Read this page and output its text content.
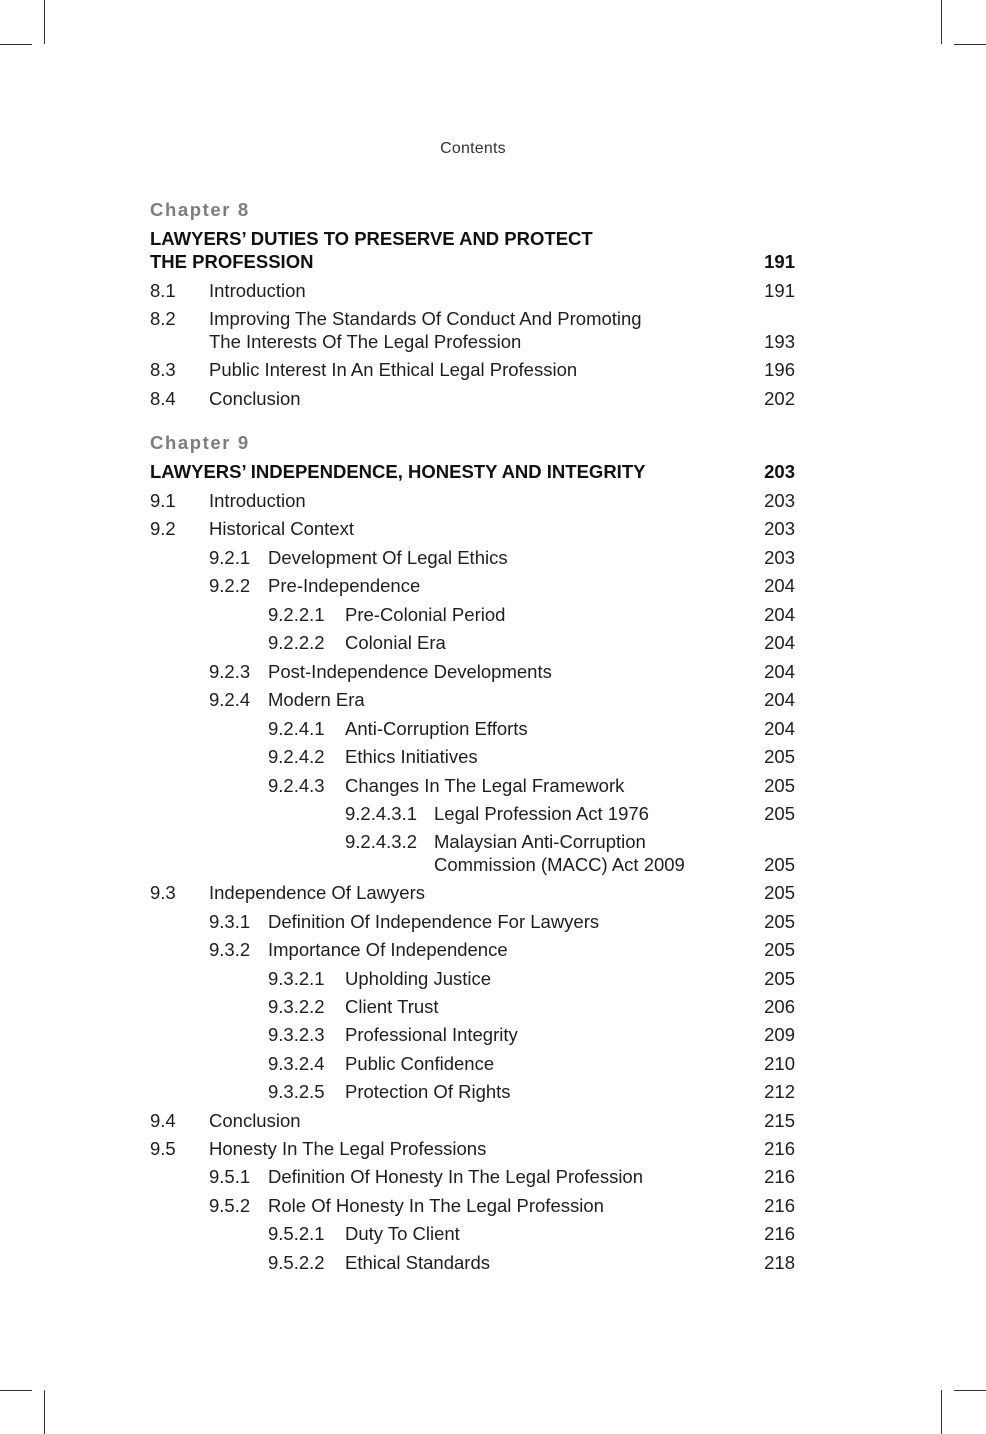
Contents
Chapter 8
LAWYERS’ DUTIES TO PRESERVE AND PROTECT
THE PROFESSION	191
8.1 Introduction	191
8.2 Improving The Standards Of Conduct And Promoting
The Interests Of The Legal Profession	193
8.3 Public Interest In An Ethical Legal Profession	196
8.4 Conclusion	202
Chapter 9
LAWYERS’ INDEPENDENCE, HONESTY AND INTEGRITY	203
9.1 Introduction	203
9.2 Historical Context	203
9.2.1 Development Of Legal Ethics	203
9.2.2 Pre-Independence	204
9.2.2.1 Pre-Colonial Period	204
9.2.2.2 Colonial Era	204
9.2.3 Post-Independence Developments	204
9.2.4 Modern Era	204
9.2.4.1 Anti-Corruption Efforts	204
9.2.4.2 Ethics Initiatives	205
9.2.4.3 Changes In The Legal Framework	205
9.2.4.3.1 Legal Profession Act 1976	205
9.2.4.3.2 Malaysian Anti-Corruption
Commission (MACC) Act 2009	205
9.3 Independence Of Lawyers	205
9.3.1 Definition Of Independence For Lawyers	205
9.3.2 Importance Of Independence	205
9.3.2.1 Upholding Justice	205
9.3.2.2 Client Trust	206
9.3.2.3 Professional Integrity	209
9.3.2.4 Public Confidence	210
9.3.2.5 Protection Of Rights	212
9.4 Conclusion	215
9.5 Honesty In The Legal Professions	216
9.5.1 Definition Of Honesty In The Legal Profession	216
9.5.2 Role Of Honesty In The Legal Profession	216
9.5.2.1 Duty To Client	216
9.5.2.2 Ethical Standards	218
